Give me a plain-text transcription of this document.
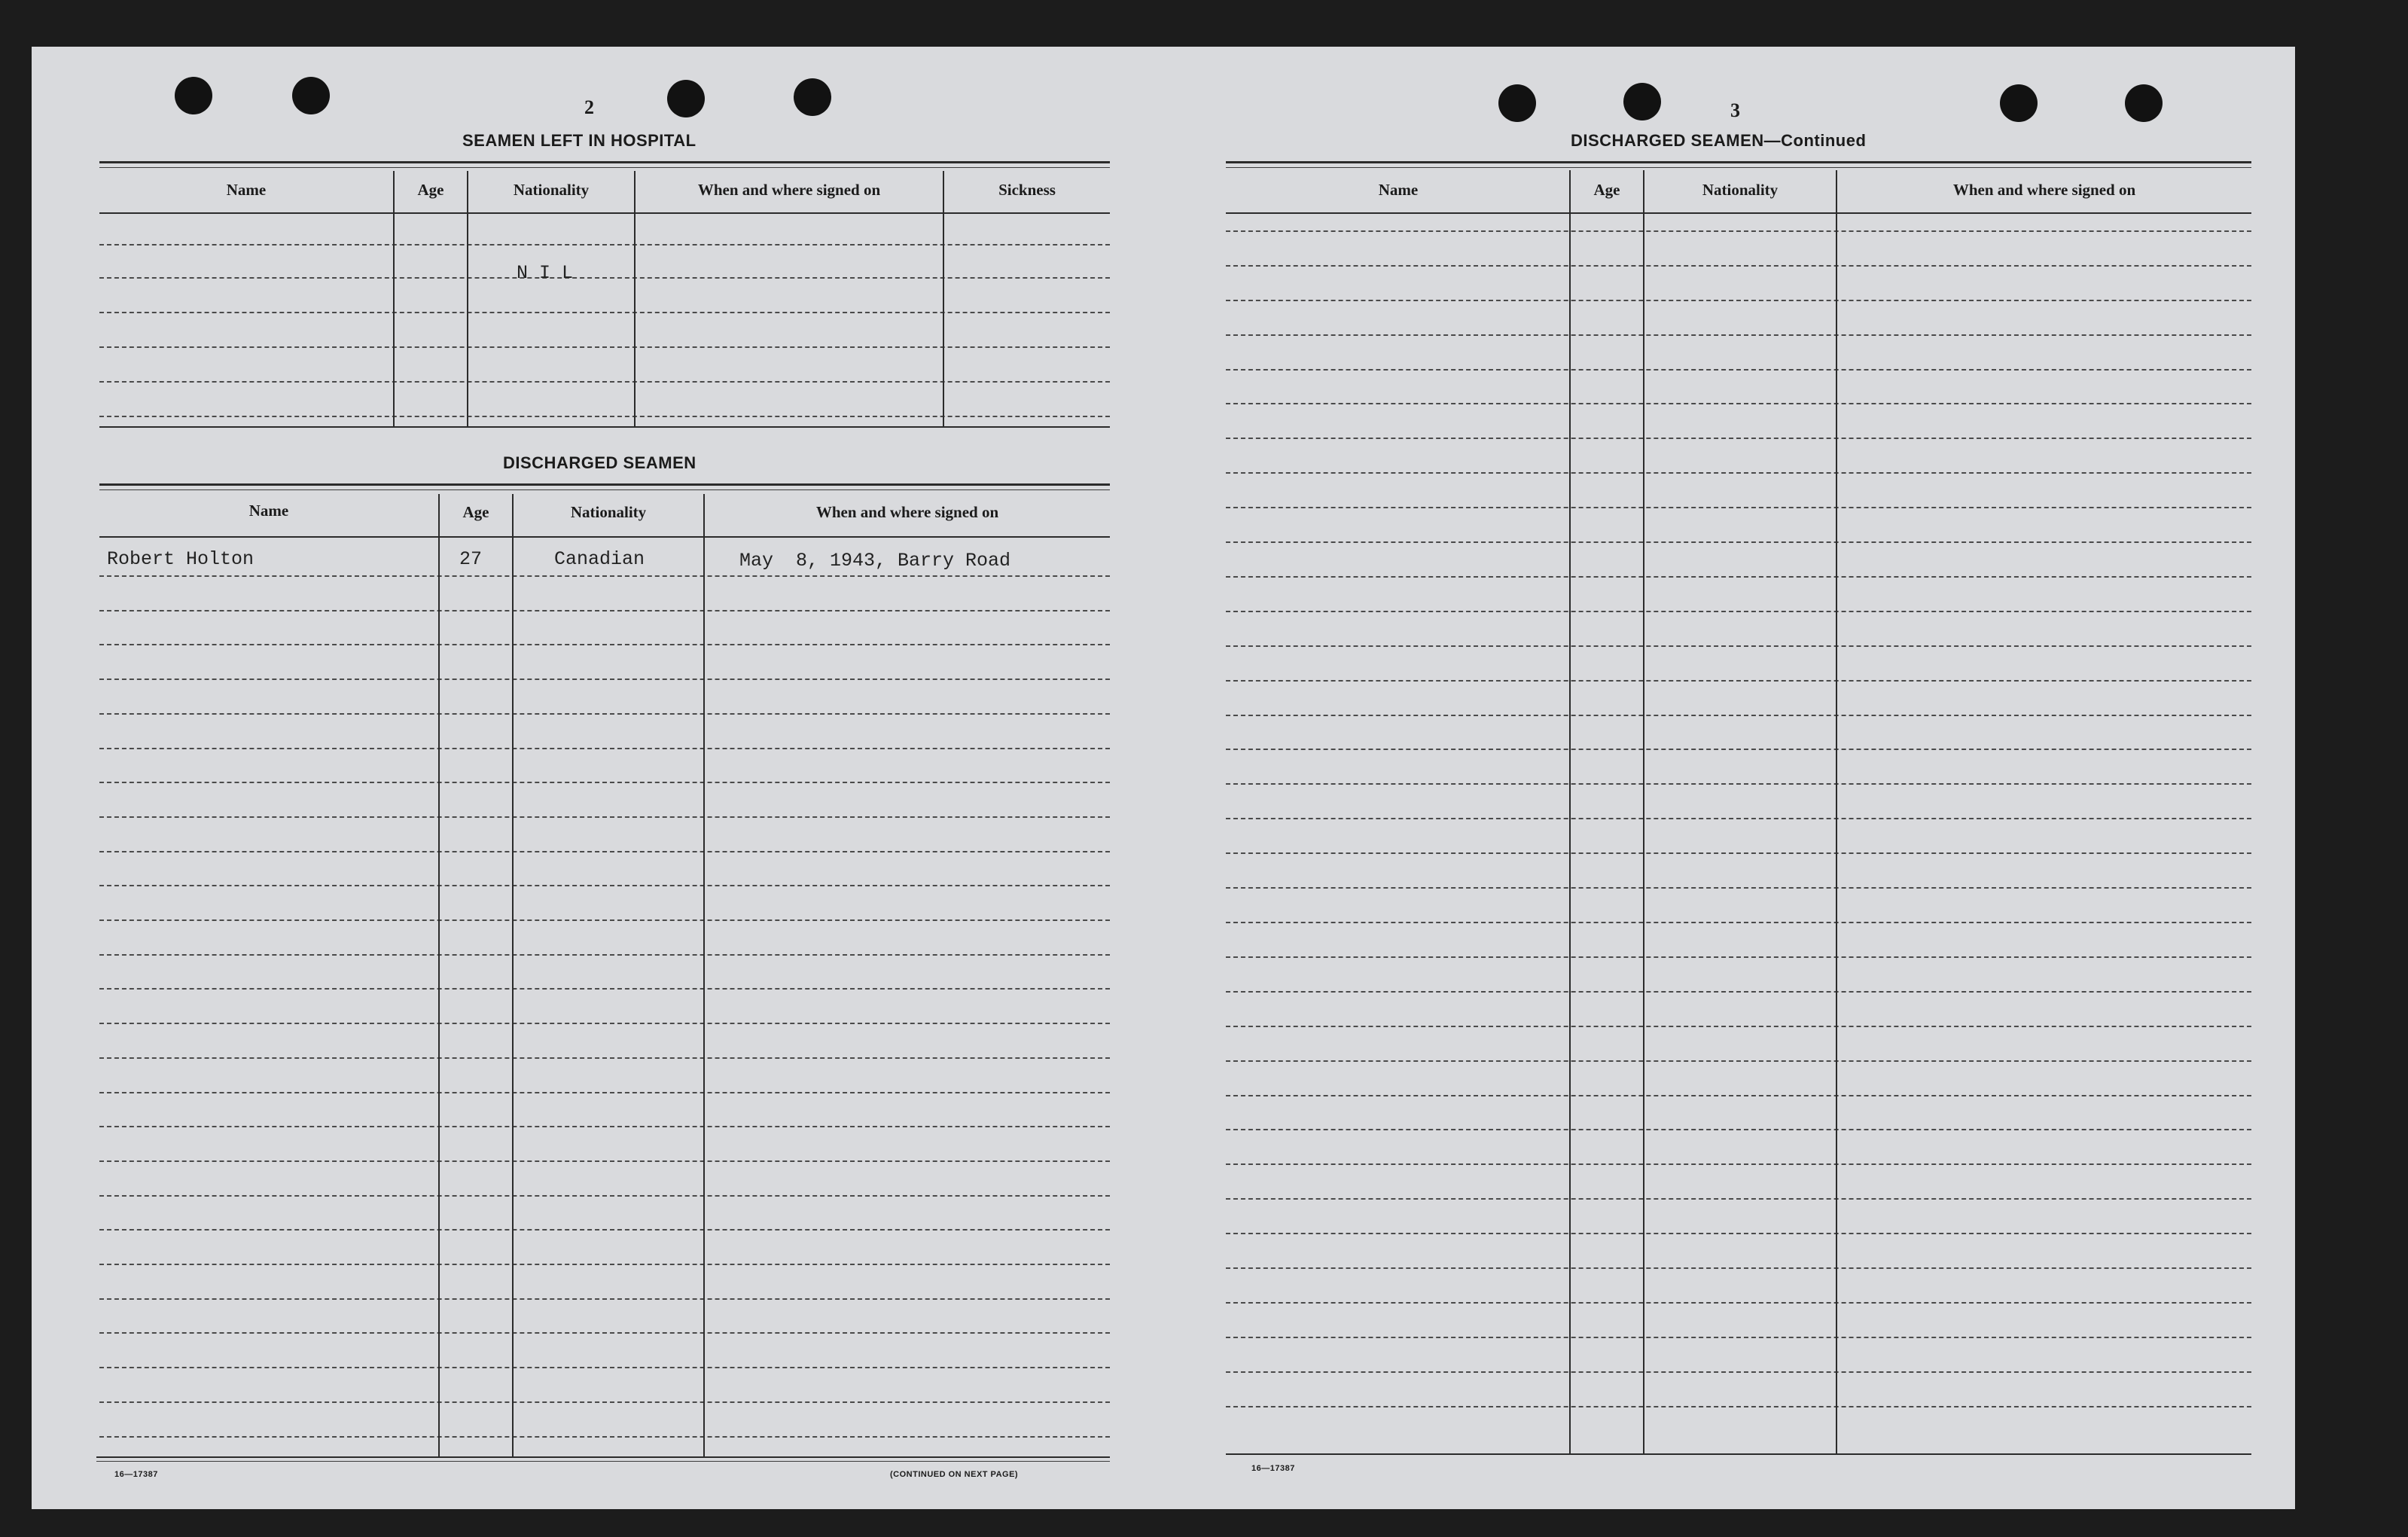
2
SEAMEN LEFT IN HOSPITAL
Name	Age	Nationality	When and where signed on	Sickness
N I L
DISCHARGED SEAMEN
Name	Age	Nationality	When and where signed on
Robert Holton	27	Canadian	May  8, 1943, Barry Road
16—17387	(CONTINUED ON NEXT PAGE)
3
DISCHARGED SEAMEN—Continued
Name	Age	Nationality	When and where signed on
16—17387
